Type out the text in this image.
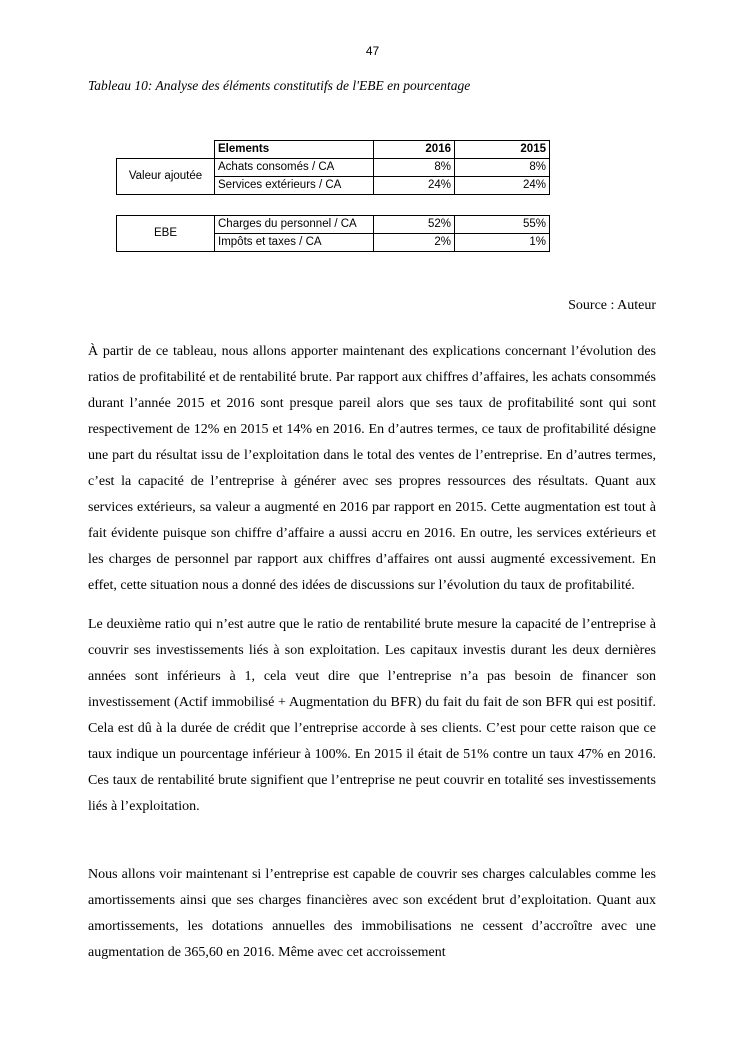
47
Tableau 10: Analyse des éléments constitutifs de l'EBE en pourcentage
	Elements	2016	2015
Valeur ajoutée	Achats consomés / CA	8%	8%
	Services extérieurs / CA	24%	24%
EBE	Charges du personnel / CA	52%	55%
	Impôts et taxes / CA	2%	1%
Source : Auteur

À partir de ce tableau, nous allons apporter maintenant des explications concernant l’évolution des ratios de profitabilité et de rentabilité brute. Par rapport aux chiffres d’affaires, les achats consommés durant l’année 2015 et 2016 sont presque pareil alors que ses taux de profitabilité sont qui sont respectivement de 12% en 2015 et 14% en 2016. En d’autres termes, ce taux de profitabilité désigne une part du résultat issu de l’exploitation dans le total des ventes de l’entreprise. En d’autres termes, c’est la capacité de l’entreprise à générer avec ses propres ressources des résultats. Quant aux services extérieurs, sa valeur a augmenté en 2016 par rapport en 2015. Cette augmentation est tout à fait évidente puisque son chiffre d’affaire a aussi accru en 2016. En outre, les services extérieurs et les charges de personnel par rapport aux chiffres d’affaires ont aussi augmenté excessivement. En effet, cette situation nous a donné des idées de discussions sur l’évolution du taux de profitabilité.

Le deuxième ratio qui n’est autre que le ratio de rentabilité brute mesure la capacité de l’entreprise à couvrir ses investissements liés à son exploitation. Les capitaux investis durant les deux dernières années sont inférieurs à 1, cela veut dire que l’entreprise n’a pas besoin de financer son investissement (Actif immobilisé + Augmentation du BFR) du fait du fait de son BFR qui est positif. Cela est dû à la durée de crédit que l’entreprise accorde à ses clients. C’est pour cette raison que ce taux indique un pourcentage inférieur à 100%. En 2015 il était de 51% contre un taux 47% en 2016. Ces taux de rentabilité brute signifient que l’entreprise ne peut couvrir en totalité ses investissements liés à l’exploitation.

Nous allons voir maintenant si l’entreprise est capable de couvrir ses charges calculables comme les amortissements ainsi que ses charges financières avec son excédent brut d’exploitation. Quant aux amortissements, les dotations annuelles des immobilisations ne cessent d’accroître avec une augmentation de 365,60 en 2016. Même avec cet accroissement
